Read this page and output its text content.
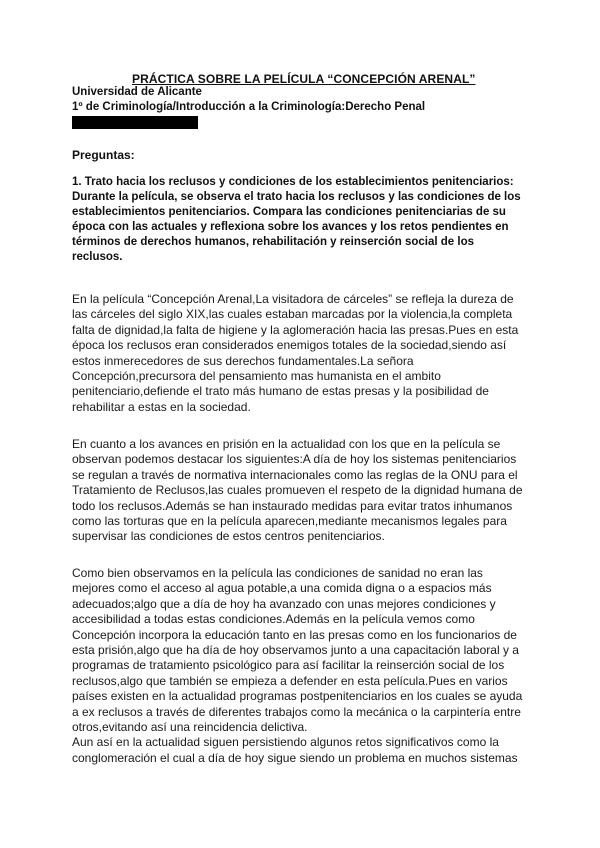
PRÁCTICA SOBRE LA PELÍCULA “CONCEPCIÓN ARENAL”
Universidad de Alicante
1º de Criminología/Introducción a la Criminología:Derecho Penal
Preguntas:
1. Trato hacia los reclusos y condiciones de los establecimientos penitenciarios:
Durante la película, se observa el trato hacia los reclusos y las condiciones de los
establecimientos penitenciarios. Compara las condiciones penitenciarias de su
época con las actuales y reflexiona sobre los avances y los retos pendientes en
términos de derechos humanos, rehabilitación y reinserción social de los
reclusos.
En la película “Concepción Arenal,La visitadora de cárceles” se refleja la dureza de
las cárceles del siglo XIX,las cuales estaban marcadas por la violencia,la completa
falta de dignidad,la falta de higiene y la aglomeración hacia las presas.Pues en esta
época los reclusos eran considerados enemigos totales de la sociedad,siendo así
estos inmerecedores de sus derechos fundamentales.La señora
Concepción,precursora del pensamiento mas humanista en el ambito
penitenciario,defiende el trato más humano de estas presas y la posibilidad de
rehabilitar a estas en la sociedad.
En cuanto a los avances en prisión en la actualidad con los que en la película se
observan podemos destacar los siguientes:A día de hoy los sistemas penitenciarios
se regulan a través de normativa internacionales como las reglas de la ONU para el
Tratamiento de Reclusos,las cuales promueven el respeto de la dignidad humana de
todo los reclusos.Además se han instaurado medidas para evitar tratos inhumanos
como las torturas que en la película aparecen,mediante mecanismos legales para
supervisar las condiciones de estos centros penitenciarios.
Como bien observamos en la película las condiciones de sanidad no eran las
mejores como el acceso al agua potable,a una comida digna o a espacios más
adecuados;algo que a día de hoy ha avanzado con unas mejores condiciones y
accesibilidad a todas estas condiciones.Además en la película vemos como
Concepción incorpora la educación tanto en las presas como en los funcionarios de
esta prisión,algo que ha día de hoy observamos junto a una capacitación laboral y a
programas de tratamiento psicológico para así facilitar la reinserción social de los
reclusos,algo que también se empieza a defender en esta película.Pues en varios
países existen en la actualidad programas postpenitenciarios en los cuales se ayuda
a ex reclusos a través de diferentes trabajos como la mecánica o la carpintería entre
otros,evitando así una reincidencia delictiva.
Aun así en la actualidad siguen persistiendo algunos retos significativos como la
conglomeración el cual a día de hoy sigue siendo un problema en muchos sistemas
